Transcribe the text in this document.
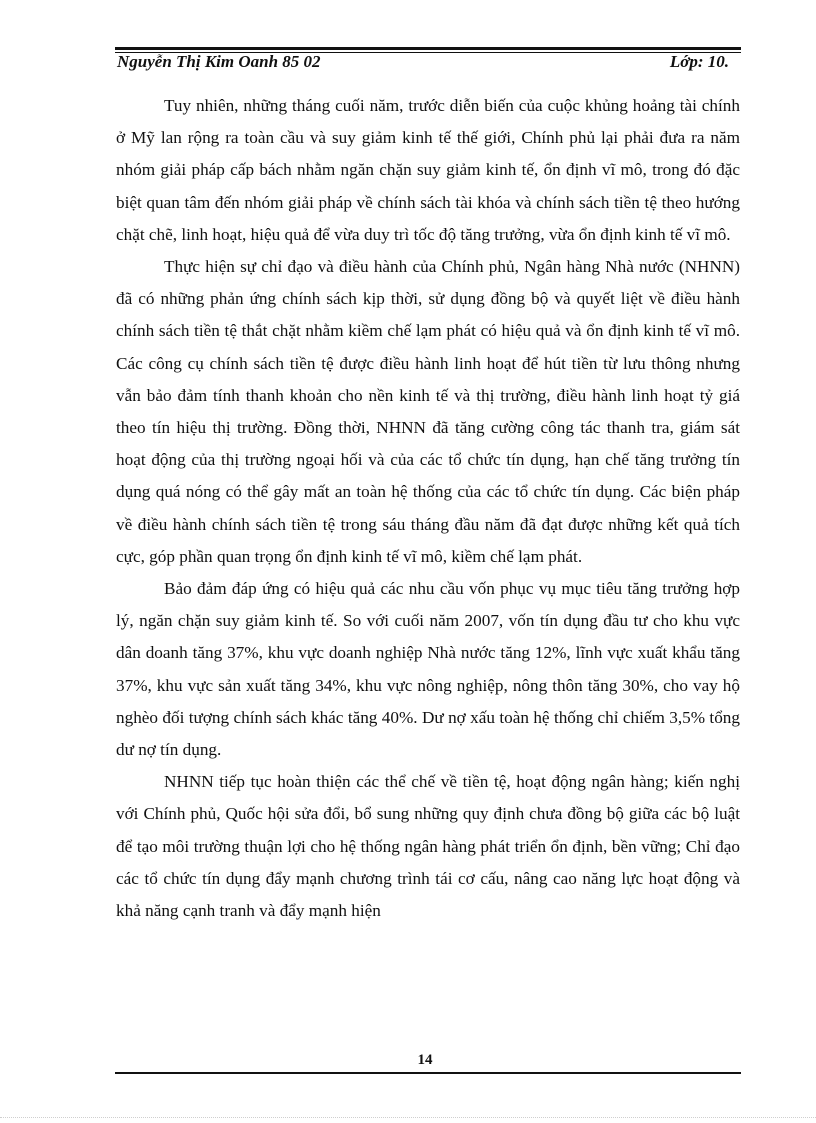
Nguyễn Thị Kim Oanh 85 02	Lớp: 10.

Tuy nhiên, những tháng cuối năm, trước diễn biến của cuộc khủng hoảng tài chính ở Mỹ lan rộng ra toàn cầu và suy giảm kinh tế thế giới, Chính phủ lại phải đưa ra năm nhóm giải pháp cấp bách nhằm ngăn chặn suy giảm kinh tế, ổn định vĩ mô, trong đó đặc biệt quan tâm đến nhóm giải pháp về chính sách tài khóa và chính sách tiền tệ theo hướng chặt chẽ, linh hoạt, hiệu quả để vừa duy trì tốc độ tăng trưởng, vừa ổn định kinh tế vĩ mô.

Thực hiện sự chỉ đạo và điều hành của Chính phủ, Ngân hàng Nhà nước (NHNN) đã có những phản ứng chính sách kịp thời, sử dụng đồng bộ và quyết liệt về điều hành chính sách tiền tệ thắt chặt nhằm kiềm chế lạm phát có hiệu quả và ổn định kinh tế vĩ mô. Các công cụ chính sách tiền tệ được điều hành linh hoạt để hút tiền từ lưu thông nhưng vẫn bảo đảm tính thanh khoản cho nền kinh tế và thị trường, điều hành linh hoạt tỷ giá theo tín hiệu thị trường. Đồng thời, NHNN đã tăng cường công tác thanh tra, giám sát hoạt động của thị trường ngoại hối và của các tổ chức tín dụng, hạn chế tăng trưởng tín dụng quá nóng có thể gây mất an toàn hệ thống của các tổ chức tín dụng. Các biện pháp về điều hành chính sách tiền tệ trong sáu tháng đầu năm đã đạt được những kết quả tích cực, góp phần quan trọng ổn định kinh tế vĩ mô, kiềm chế lạm phát.

Bảo đảm đáp ứng có hiệu quả các nhu cầu vốn phục vụ mục tiêu tăng trưởng hợp lý, ngăn chặn suy giảm kinh tế. So với cuối năm 2007, vốn tín dụng đầu tư cho khu vực dân doanh tăng 37%, khu vực doanh nghiệp Nhà nước tăng 12%, lĩnh vực xuất khẩu tăng 37%, khu vực sản xuất tăng 34%, khu vực nông nghiệp, nông thôn tăng 30%, cho vay hộ nghèo đối tượng chính sách khác tăng 40%. Dư nợ xấu toàn hệ thống chỉ chiếm 3,5% tổng dư nợ tín dụng.

NHNN tiếp tục hoàn thiện các thể chế về tiền tệ, hoạt động ngân hàng; kiến nghị với Chính phủ, Quốc hội sửa đổi, bổ sung những quy định chưa đồng bộ giữa các bộ luật để tạo môi trường thuận lợi cho hệ thống ngân hàng phát triển ổn định, bền vững; Chỉ đạo các tổ chức tín dụng đẩy mạnh chương trình tái cơ cấu, nâng cao năng lực hoạt động và khả năng cạnh tranh và đẩy mạnh hiện

14
